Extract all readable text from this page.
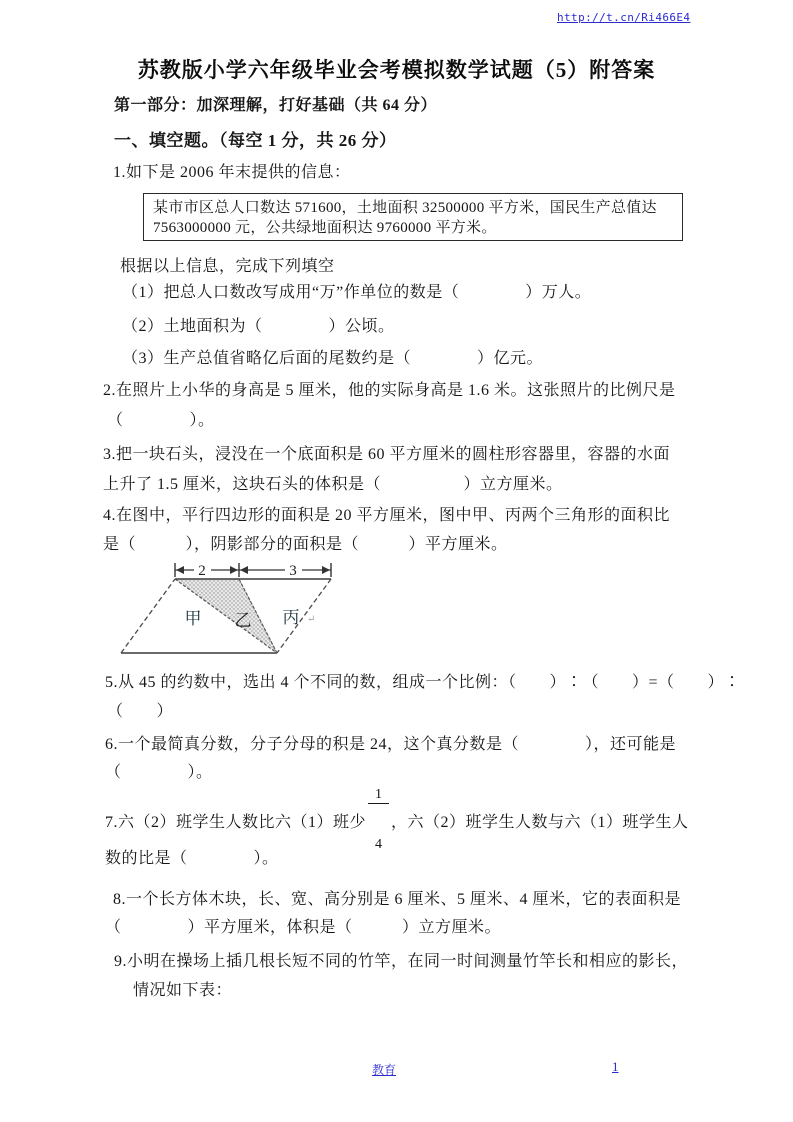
http://t.cn/Ri466E4
苏教版小学六年级毕业会考模拟数学试题（5）附答案
第一部分：加深理解，打好基础（共 64 分）
一、填空题。（每空 1 分，共 26 分）
1.如下是 2006 年末提供的信息：
某市市区总人口数达 571600，土地面积 32500000 平方米，国民生产总值达 7563000000 元，公共绿地面积达 9760000 平方米。
根据以上信息，完成下列填空
（1）把总人口数改写成用“万”作单位的数是（　　　　）万人。
（2）土地面积为（　　　　）公顷。
（3）生产总值省略亿后面的尾数约是（　　　　）亿元。
2.在照片上小华的身高是 5 厘米，他的实际身高是 1.6 米。这张照片的比例尺是
（　　　　）。
3.把一块石头，浸没在一个底面积是 60 平方厘米的圆柱形容器里，容器的水面
上升了 1.5 厘米，这块石头的体积是（　　　　　）立方厘米。
4.在图中，平行四边形的面积是 20 平方厘米，图中甲、丙两个三角形的面积比
是（　　　），阴影部分的面积是（　　　）平方厘米。
2	3
甲 乙 丙 ↵
5.从 45 的约数中，选出 4 个不同的数，组成一个比例：（　　）∶（　　）=（　　）∶
（　　）
6.一个最简真分数，分子分母的积是 24，这个真分数是（　　　　），还可能是
（　　　　）。
7.六（2）班学生人数比六（1）班少

$\frac{1}{4}$

，六（2）班学生人数与六（1）班学生人
数的比是（　　　　）。
8.一个长方体木块，长、宽、高分别是 6 厘米、5 厘米、4 厘米，它的表面积是
（　　　　）平方厘米，体积是（　　　）立方厘米。
9.小明在操场上插几根长短不同的竹竿，在同一时间测量竹竿长和相应的影长，
情况如下表：
教育	1
